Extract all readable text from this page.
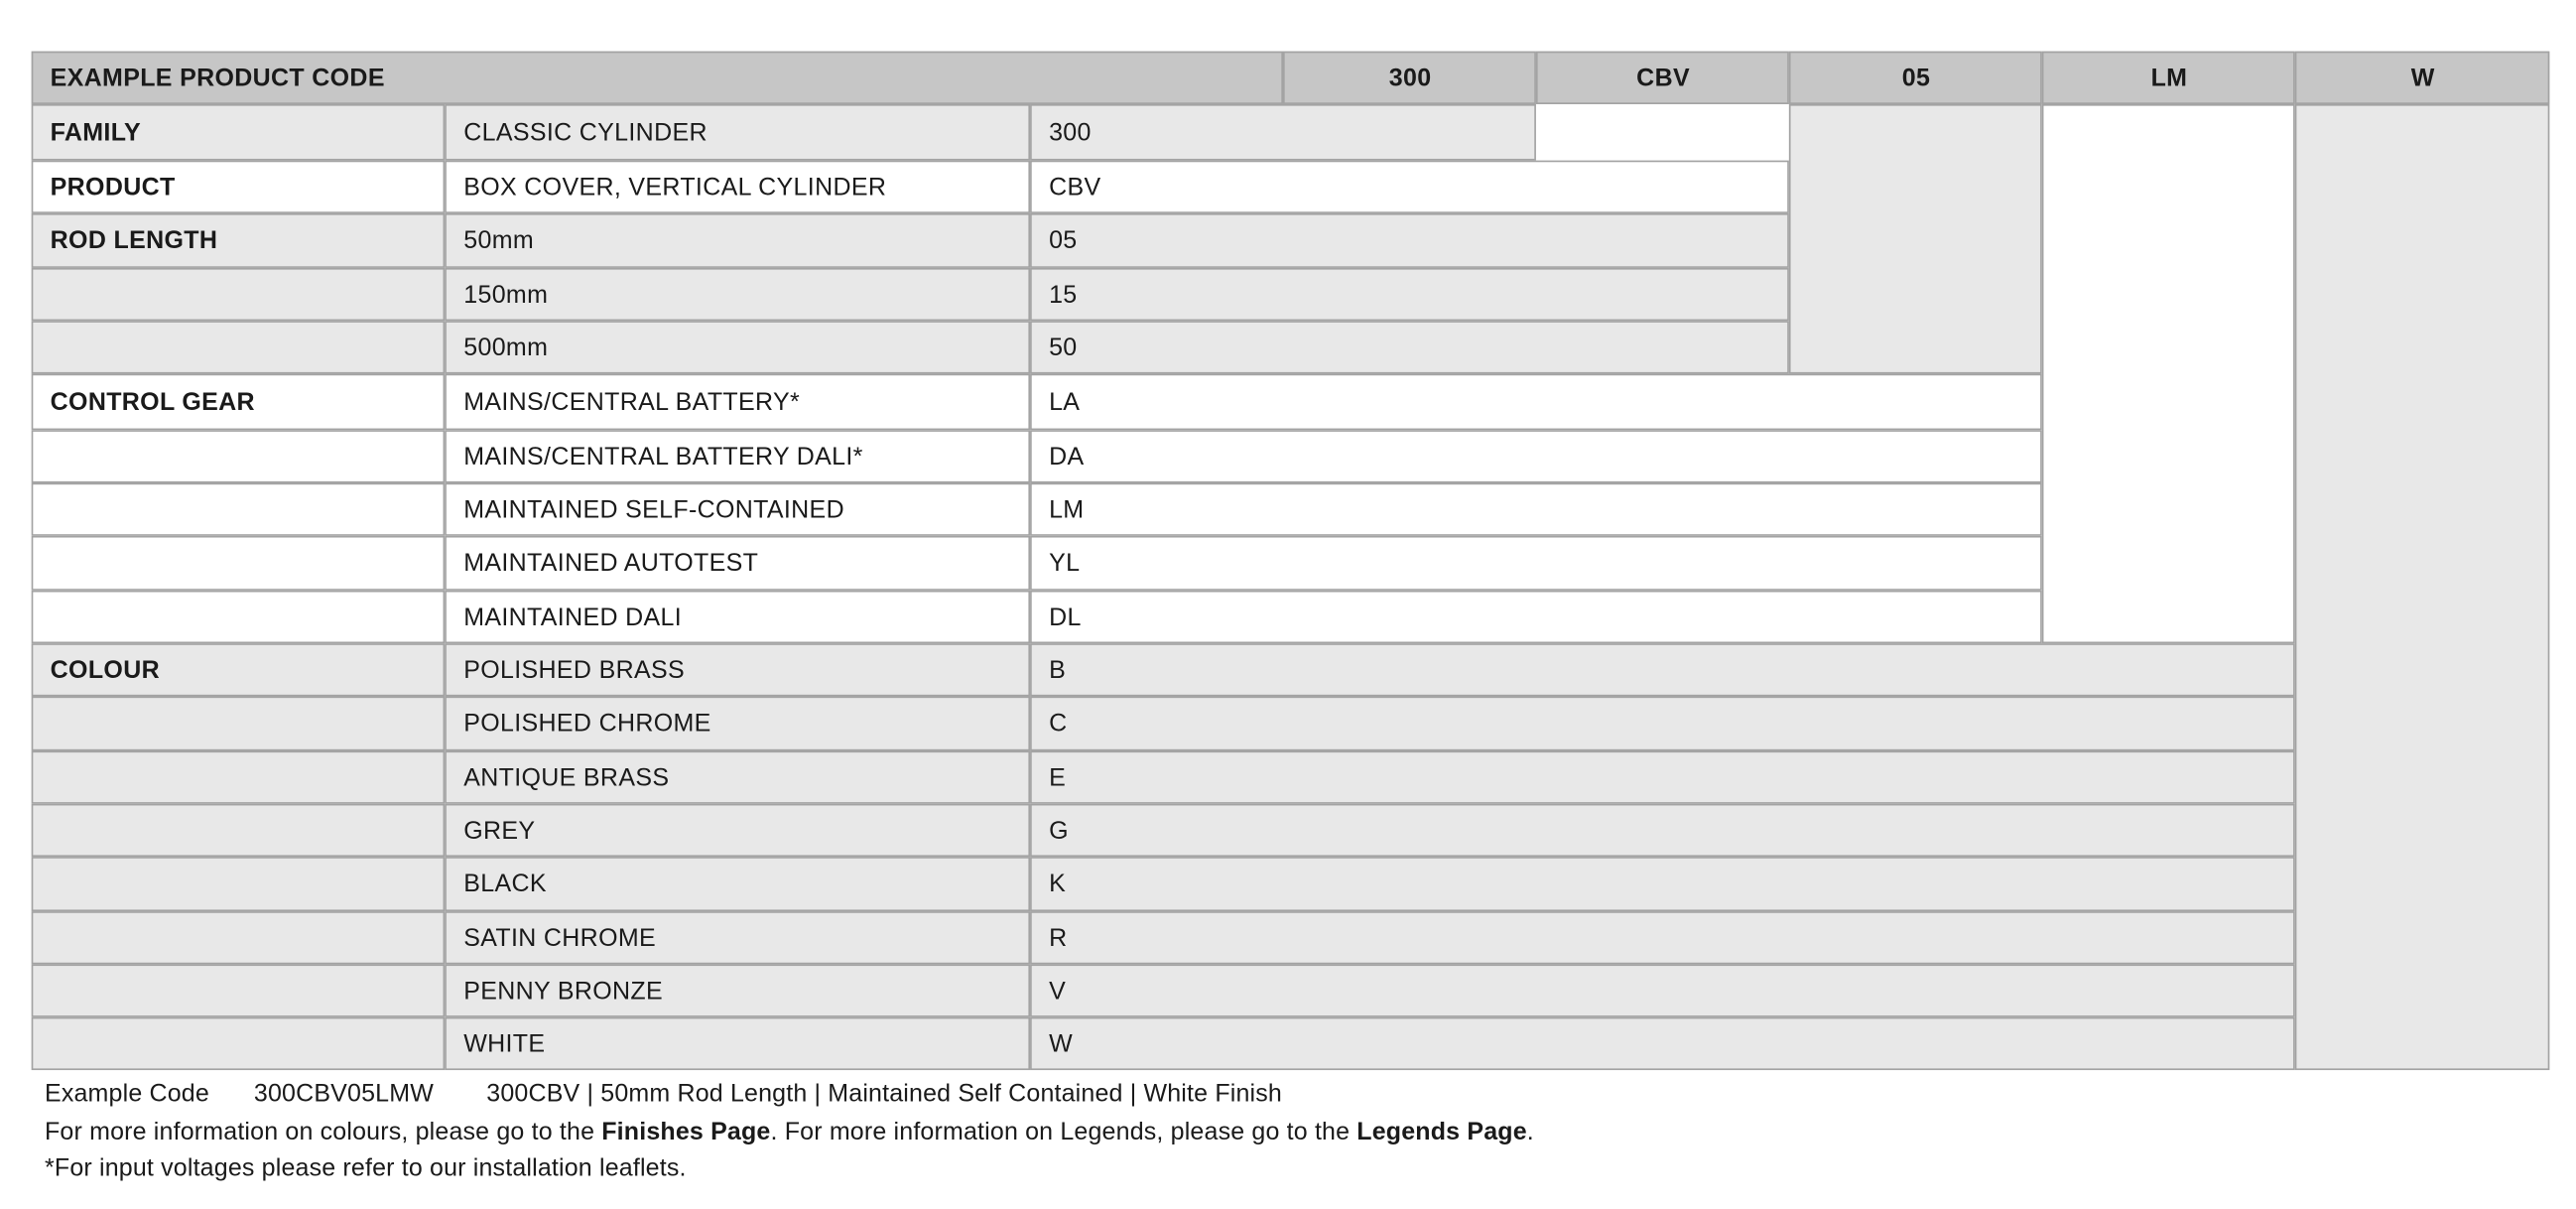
EXAMPLE PRODUCT CODE	300	CBV	05	LM	W
FAMILY	CLASSIC CYLINDER	300
PRODUCT	BOX COVER, VERTICAL CYLINDER	CBV
ROD LENGTH	50mm	05
150mm	15
500mm	50
CONTROL GEAR	MAINS/CENTRAL BATTERY*	LA
MAINS/CENTRAL BATTERY DALI*	DA
MAINTAINED SELF-CONTAINED	LM
MAINTAINED AUTOTEST	YL
MAINTAINED DALI	DL
COLOUR	POLISHED BRASS	B
POLISHED CHROME	C
ANTIQUE BRASS	E
GREY	G
BLACK	K
SATIN CHROME	R
PENNY BRONZE	V
WHITE	W
Example Code	300CBV05LMW	300CBV | 50mm Rod Length | Maintained Self Contained | White Finish
For more information on colours, please go to the Finishes Page. For more information on Legends, please go to the Legends Page.
*For input voltages please refer to our installation leaflets.
